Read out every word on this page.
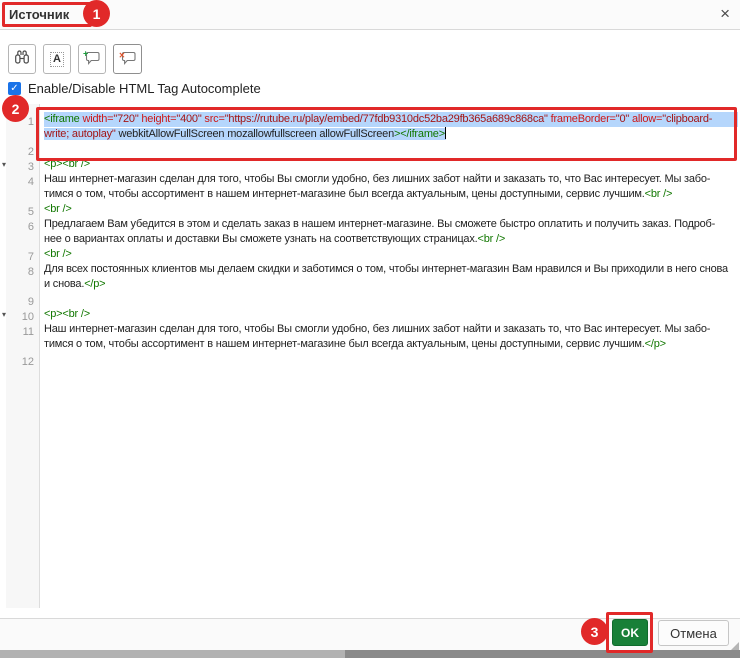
Источник	×
A	+	×
✓ Enable/Disable HTML Tag Autocomplete
1
2
▾ 3
4
5
6
7
8
9
▾ 10
11
12
<iframe width="720" height="400" src="https://rutube.ru/play/embed/77fdb9310dc52ba29fb365a689c868ca" frameBorder="0" allow="clipboard-
write; autoplay" webkitAllowFullScreen mozallowfullscreen allowFullScreen></iframe>
<p><br />
Наш интернет-магазин сделан для того, чтобы Вы смогли удобно, без лишних забот найти и заказать то, что Вас интересует. Мы забо-
тимся о том, чтобы ассортимент в нашем интернет-магазине был всегда актуальным, цены доступными, сервис лучшим.<br />
<br />
Предлагаем Вам убедится в этом и сделать заказ в нашем интернет-магазине. Вы сможете быстро оплатить и получить заказ. Подроб-
нее о вариантах оплаты и доставки Вы сможете узнать на соответствующих страницах.<br />
<br />
Для всех постоянных клиентов мы делаем скидки и заботимся о том, чтобы интернет-магазин Вам нравился и Вы приходили в него снова
и снова.</p>
<p><br />
Наш интернет-магазин сделан для того, чтобы Вы смогли удобно, без лишних забот найти и заказать то, что Вас интересует. Мы забо-
тимся о том, чтобы ассортимент в нашем интернет-магазине был всегда актуальным, цены доступными, сервис лучшим.</p>
OK	Отмена
1
2
3
